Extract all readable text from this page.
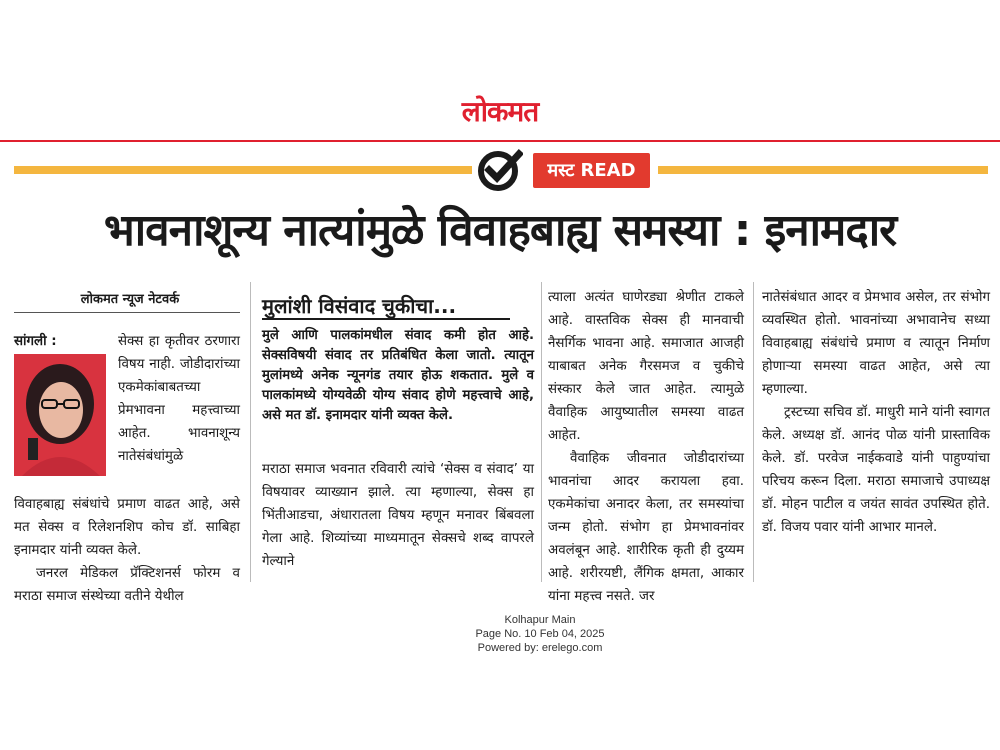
लोकमत
मस्ट READ
भावनाशून्य नात्यांमुळे विवाहबाह्य समस्या : इनामदार
लोकमत न्यूज नेटवर्क
सांगली :	सेक्स हा कृतीवर ठरणारा विषय नाही. जोडीदारांच्या एकमेकांबाबतच्या प्रेमभावना महत्त्वाच्या आहेत. भावनाशून्य नातेसंबंधांमुळे

विवाहबाह्य संबंधांचे प्रमाण वाढत आहे, असे मत सेक्स व रिलेशनशिप कोच डॉ. साबिहा इनामदार यांनी व्यक्त केले.

जनरल मेडिकल प्रॅक्टिशनर्स फोरम व मराठा समाज संस्थेच्या वतीने येथील

मुलांशी विसंवाद चुकीचा...
मुले आणि पालकांमधील संवाद कमी होत आहे. सेक्सविषयी संवाद तर प्रतिबंधित केला जातो. त्यातून मुलांमध्ये अनेक न्यूनगंड तयार होऊ शकतात. मुले व पालकांमध्ये योग्यवेळी योग्य संवाद होणे महत्त्वाचे आहे, असे मत डॉ. इनामदार यांनी व्यक्त केले.

मराठा समाज भवनात रविवारी त्यांचे ‘सेक्स व संवाद’ या विषयावर व्याख्यान झाले. त्या म्हणाल्या, सेक्स हा भिंतीआडचा, अंधारातला विषय म्हणून मनावर बिंबवला गेला आहे. शिव्यांच्या माध्यमातून सेक्सचे शब्द वापरले गेल्याने

त्याला अत्यंत घाणेरड्या श्रेणीत टाकले आहे. वास्तविक सेक्स ही मानवाची नैसर्गिक भावना आहे. समाजात आजही याबाबत अनेक गैरसमज व चुकीचे संस्कार केले जात आहेत. त्यामुळे वैवाहिक आयुष्यातील समस्या वाढत आहेत.

वैवाहिक जीवनात जोडीदारांच्या भावनांचा आदर करायला हवा. एकमेकांचा अनादर केला, तर समस्यांचा जन्म होतो. संभोग हा प्रेमभावनांवर अवलंबून आहे. शारीरिक कृती ही दुय्यम आहे. शरीरयष्टी, लैंगिक क्षमता, आकार यांना महत्त्व नसते. जर

नातेसंबंधात आदर व प्रेमभाव असेल, तर संभोग व्यवस्थित होतो. भावनांच्या अभावानेच सध्या विवाहबाह्य संबंधांचे प्रमाण व त्यातून निर्माण होणाऱ्या समस्या वाढत आहेत, असे त्या म्हणाल्या.

ट्रस्टच्या सचिव डॉ. माधुरी माने यांनी स्वागत केले. अध्यक्ष डॉ. आनंद पोळ यांनी प्रास्ताविक केले. डॉ. परवेज नाईकवाडे यांनी पाहुण्यांचा परिचय करून दिला. मराठा समाजाचे उपाध्यक्ष डॉ. मोहन पाटील व जयंत सावंत उपस्थित होते. डॉ. विजय पवार यांनी आभार मानले.

Kolhapur Main
Page No. 10 Feb 04, 2025
Powered by: erelego.com
